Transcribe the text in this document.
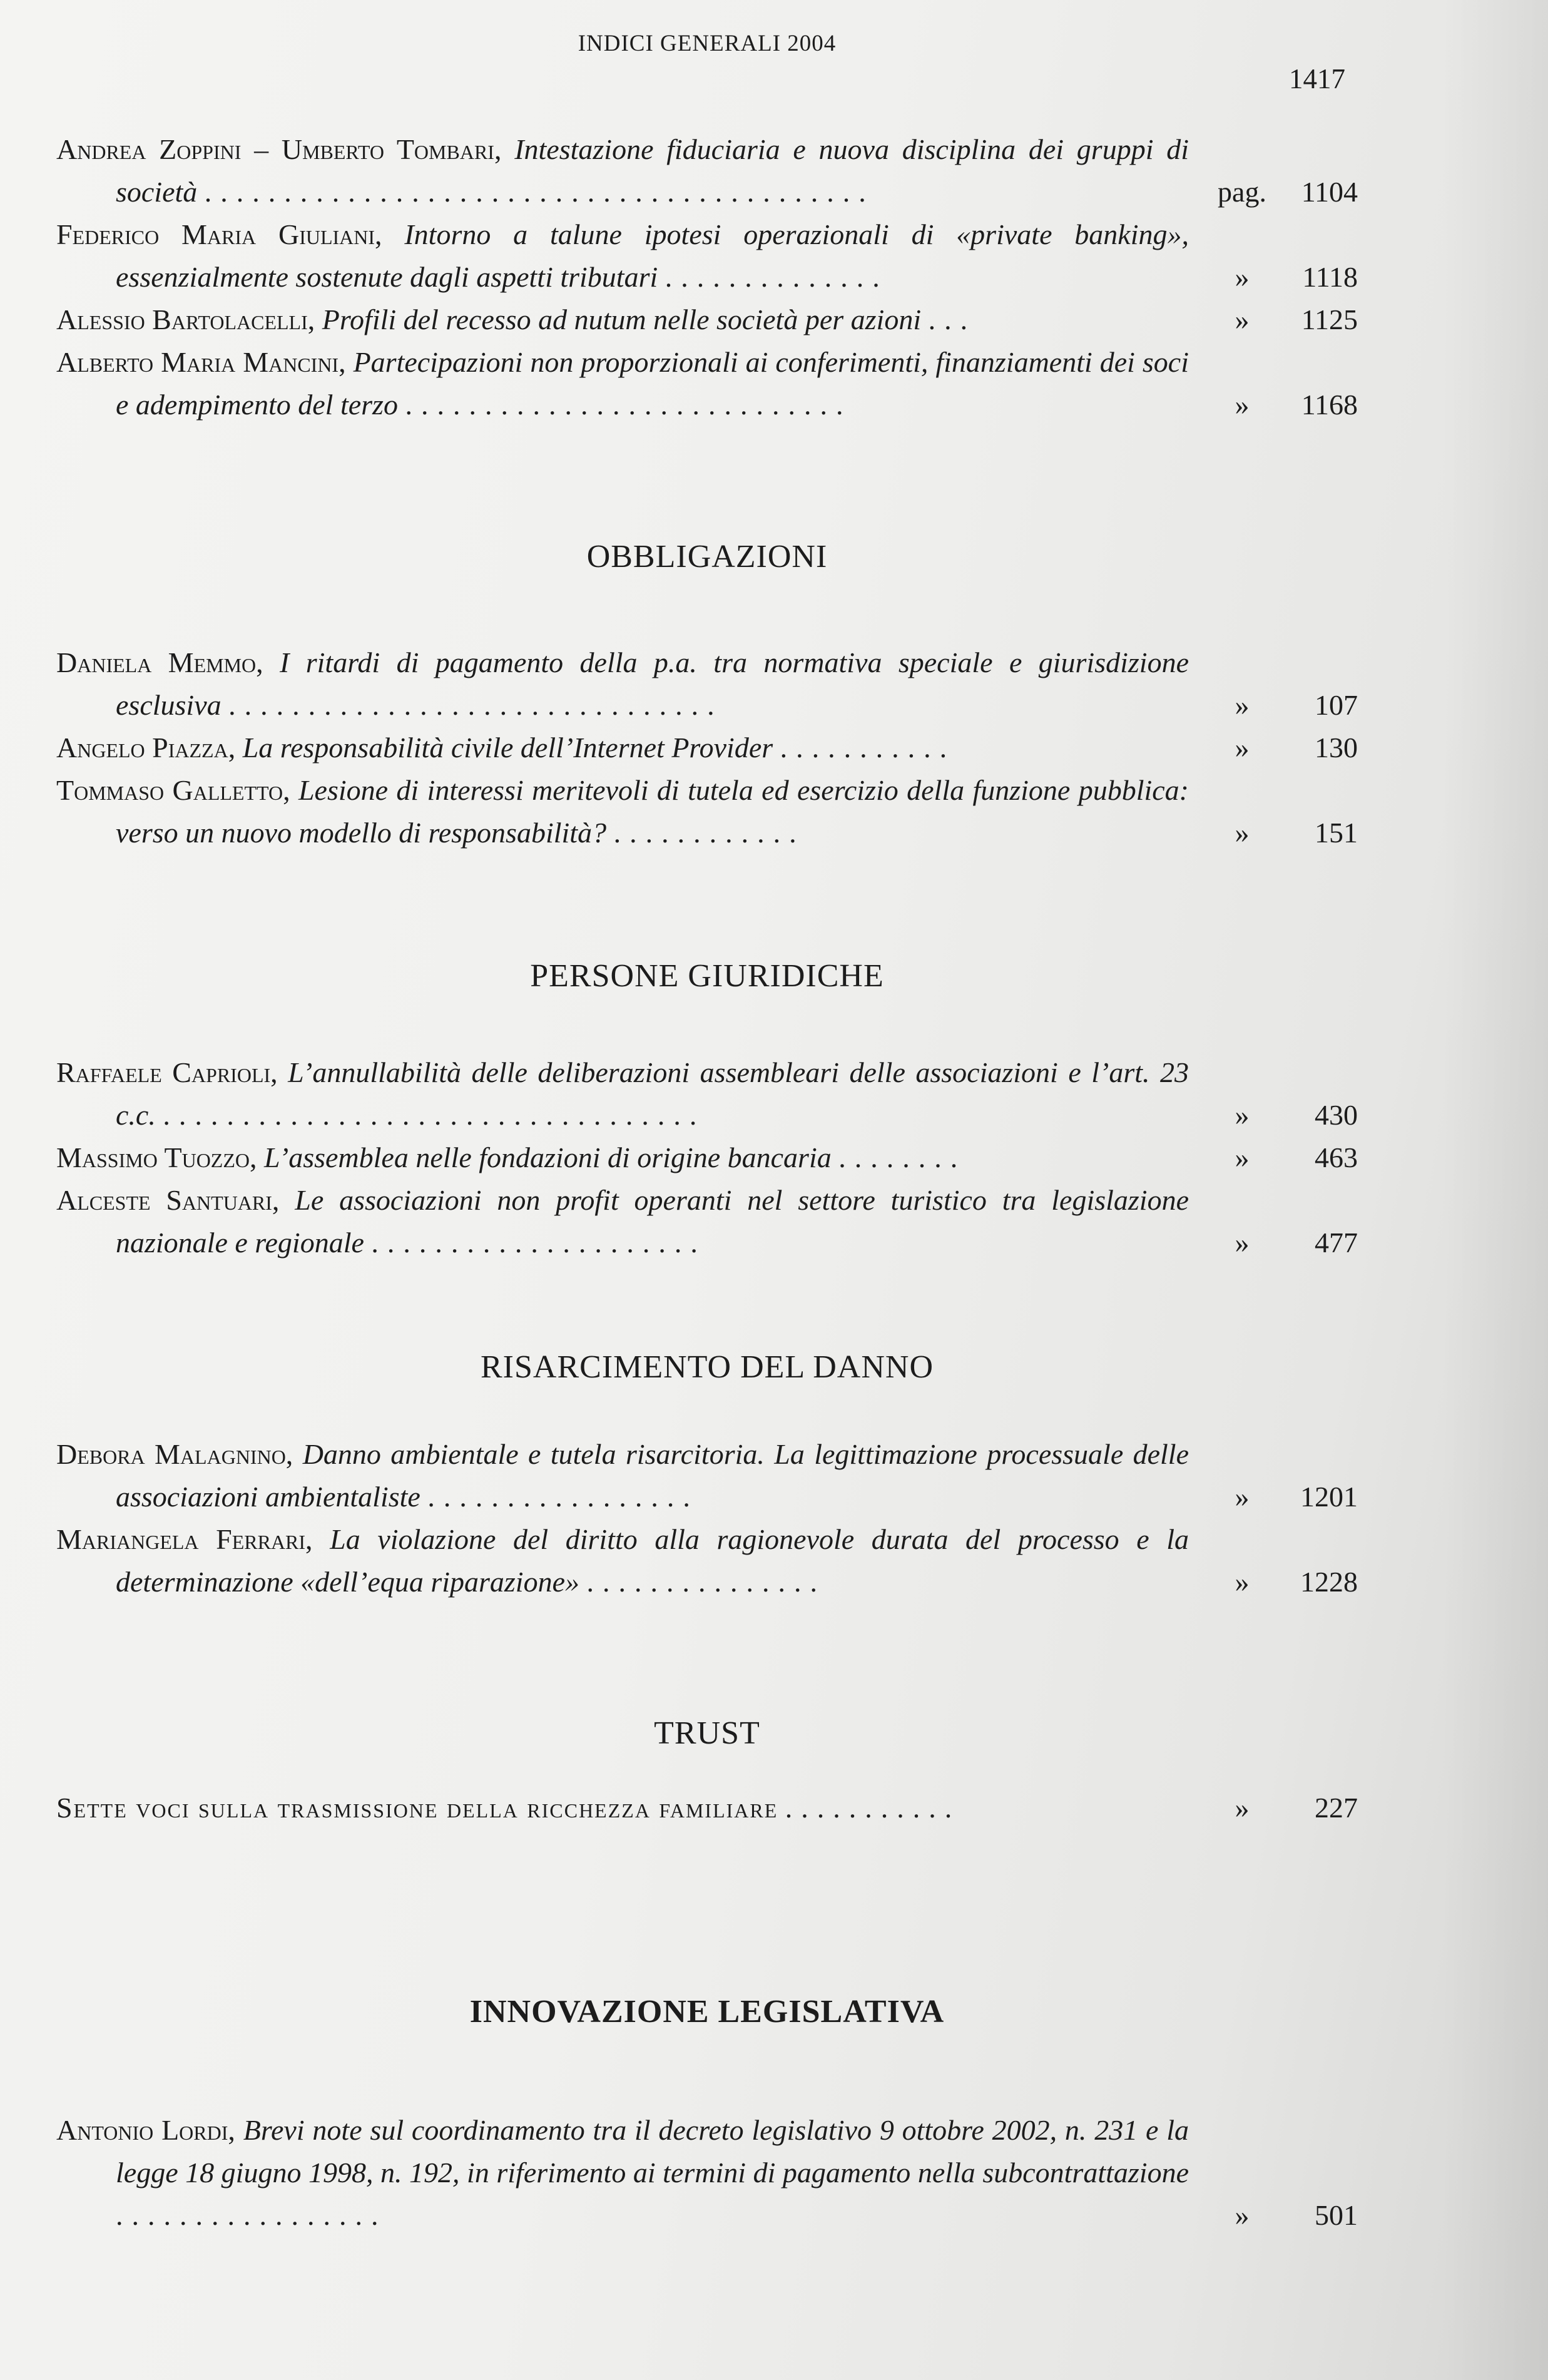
INDICI GENERALI 2004
1417
Andrea Zoppini – Umberto Tombari, Intestazione fiduciaria e nuova disciplina dei gruppi di società ..........................................	pag.	1104
Federico Maria Giuliani, Intorno a talune ipotesi operazionali di «private banking», essenzialmente sostenute dagli aspetti tributari ..............	»	1118
Alessio Bartolacelli, Profili del recesso ad nutum nelle società per azioni ...	»	1125
Alberto Maria Mancini, Partecipazioni non proporzionali ai conferimenti, finanziamenti dei soci e adempimento del terzo ............................	»	1168
OBBLIGAZIONI
Daniela Memmo, I ritardi di pagamento della p.a. tra normativa speciale e giurisdizione esclusiva ...............................	»	107
Angelo Piazza, La responsabilità civile dell’Internet Provider ...........	»	130
Tommaso Galletto, Lesione di interessi meritevoli di tutela ed esercizio della funzione pubblica: verso un nuovo modello di responsabilità? ............	»	151
PERSONE GIURIDICHE
Raffaele Caprioli, L’annullabilità delle deliberazioni assembleari delle associazioni e l’art. 23 c.c. ..................................	»	430
Massimo Tuozzo, L’assemblea nelle fondazioni di origine bancaria ........	»	463
Alceste Santuari, Le associazioni non profit operanti nel settore turistico tra legislazione nazionale e regionale .....................	»	477
RISARCIMENTO DEL DANNO
Debora Malagnino, Danno ambientale e tutela risarcitoria. La legittimazione processuale delle associazioni ambientaliste .................	»	1201
Mariangela Ferrari, La violazione del diritto alla ragionevole durata del processo e la determinazione «dell’equa riparazione» ...............	»	1228
TRUST
Sette voci sulla trasmissione della ricchezza familiare ...........	»	227
INNOVAZIONE LEGISLATIVA
Antonio Lordi, Brevi note sul coordinamento tra il decreto legislativo 9 ottobre 2002, n. 231 e la legge 18 giugno 1998, n. 192, in riferimento ai termini di pagamento nella subcontrattazione .................	»	501
